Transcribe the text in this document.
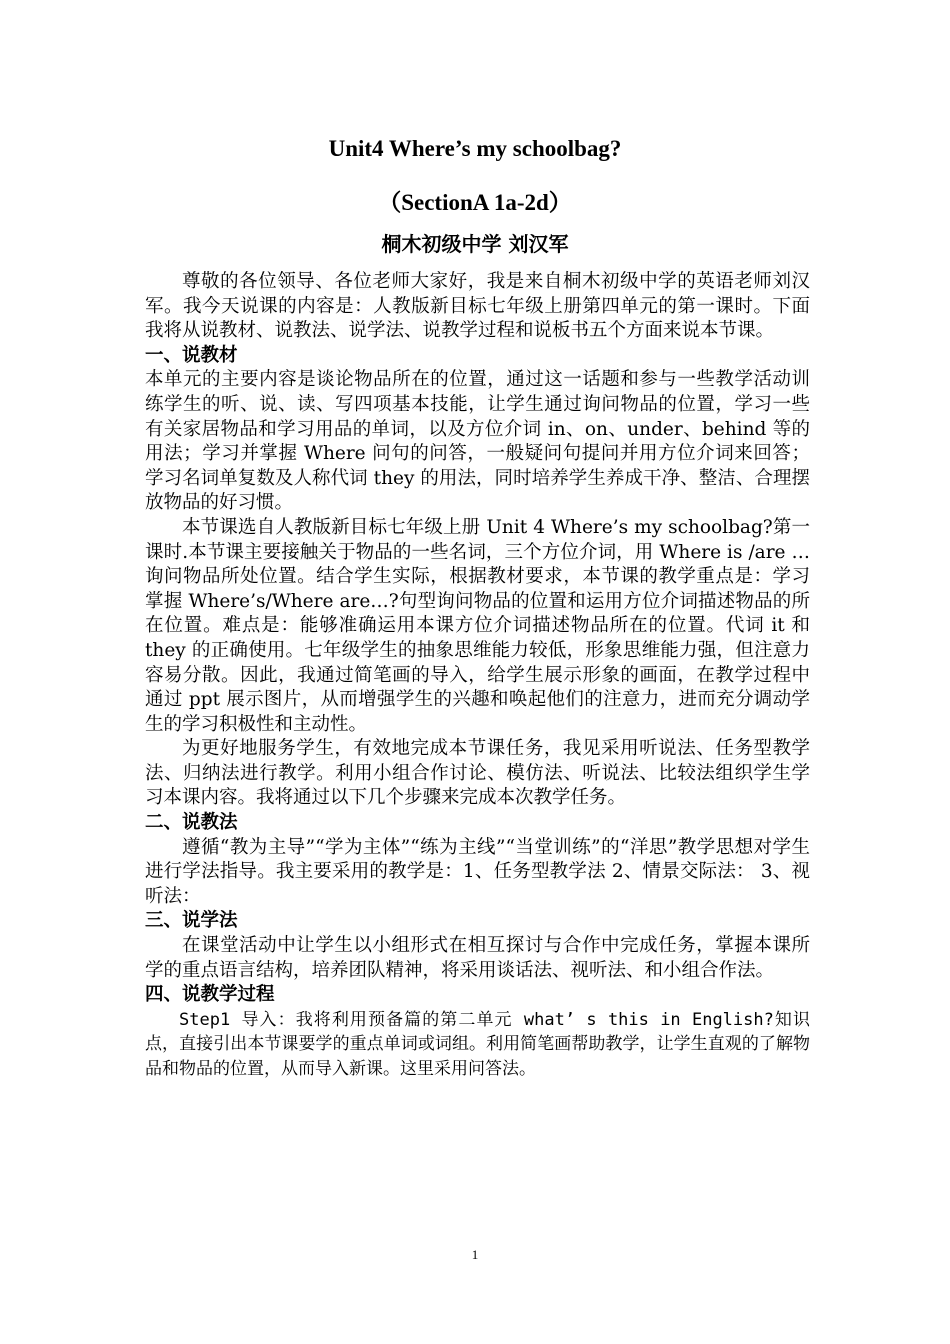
Unit4 Where’s my schoolbag?
（SectionA 1a-2d）
桐木初级中学 刘汉军

尊敬的各位领导、各位老师大家好，我是来自桐木初级中学的英语老师刘汉军。我今天说课的内容是：人教版新目标七年级上册第四单元的第一课时。下面我将从说教材、说教法、说学法、说教学过程和说板书五个方面来说本节课。

一、说教材

本单元的主要内容是谈论物品所在的位置，通过这一话题和参与一些教学活动训练学生的听、说、读、写四项基本技能，让学生通过询问物品的位置，学习一些有关家居物品和学习用品的单词，以及方位介词 in、on、under、behind 等的用法；学习并掌握 Where 问句的问答，一般疑问句提问并用方位介词来回答；学习名词单复数及人称代词 they 的用法，同时培养学生养成干净、整洁、合理摆放物品的好习惯。

本节课选自人教版新目标七年级上册 Unit 4 Where’s my schoolbag?第一课时.本节课主要接触关于物品的一些名词，三个方位介词，用 Where is /are …询问物品所处位置。结合学生实际，根据教材要求，本节课的教学重点是：学习掌握 Where’s/Where are…?句型询问物品的位置和运用方位介词描述物品的所在位置。难点是：能够准确运用本课方位介词描述物品所在的位置。代词 it 和 they 的正确使用。七年级学生的抽象思维能力较低，形象思维能力强，但注意力容易分散。因此，我通过简笔画的导入，给学生展示形象的画面，在教学过程中通过 ppt 展示图片，从而增强学生的兴趣和唤起他们的注意力，进而充分调动学生的学习积极性和主动性。

为更好地服务学生，有效地完成本节课任务，我见采用听说法、任务型教学法、归纳法进行教学。利用小组合作讨论、模仿法、听说法、比较法组织学生学习本课内容。我将通过以下几个步骤来完成本次教学任务。

二、说教法

遵循“教为主导”“学为主体”“练为主线”“当堂训练”的“洋思”教学思想对学生进行学法指导。我主要采用的教学是：1、任务型教学法 2、情景交际法： 3、视听法：

三、说学法

在课堂活动中让学生以小组形式在相互探讨与合作中完成任务，掌握本课所学的重点语言结构，培养团队精神，将采用谈话法、视听法、和小组合作法。

四、说教学过程

Step1 导入：我将利用预备篇的第二单元 what’ s this in English?知识点，直接引出本节课要学的重点单词或词组。利用简笔画帮助教学，让学生直观的了解物品和物品的位置，从而导入新课。这里采用问答法。

1
